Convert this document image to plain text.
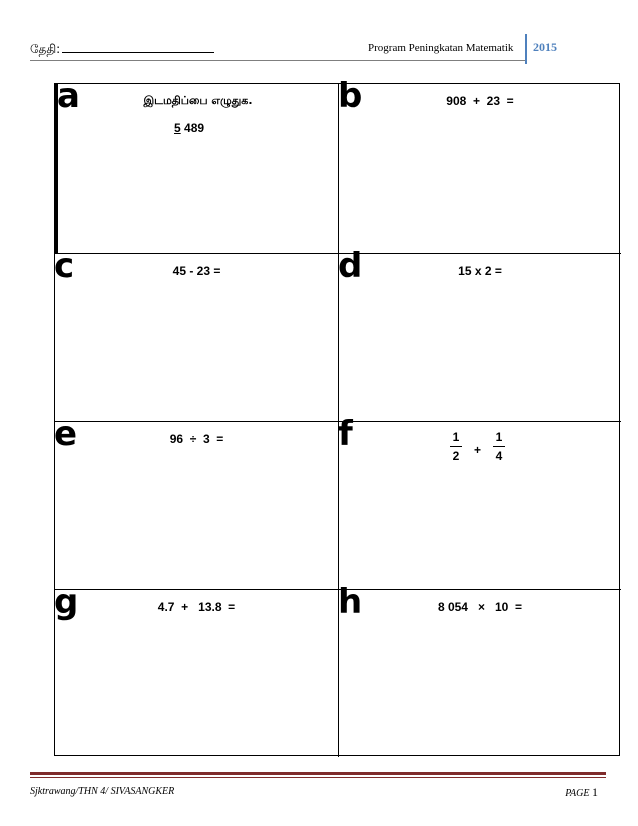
தேதி:	Program Peningkatan Matematik 2015
a	இடமதிப்பை எழுதுக.
5 489
b	908  +  23  =
c	45 - 23 =	d	15 x 2 =
e	96  ÷  3  =	f	$\frac{1}{2} + \frac{1}{4}$
g	4.7  +   13.8  =	h	8 054   ×   10  =
Sjktrawang/THN 4/ SIVASANGKER	PAGE 1
